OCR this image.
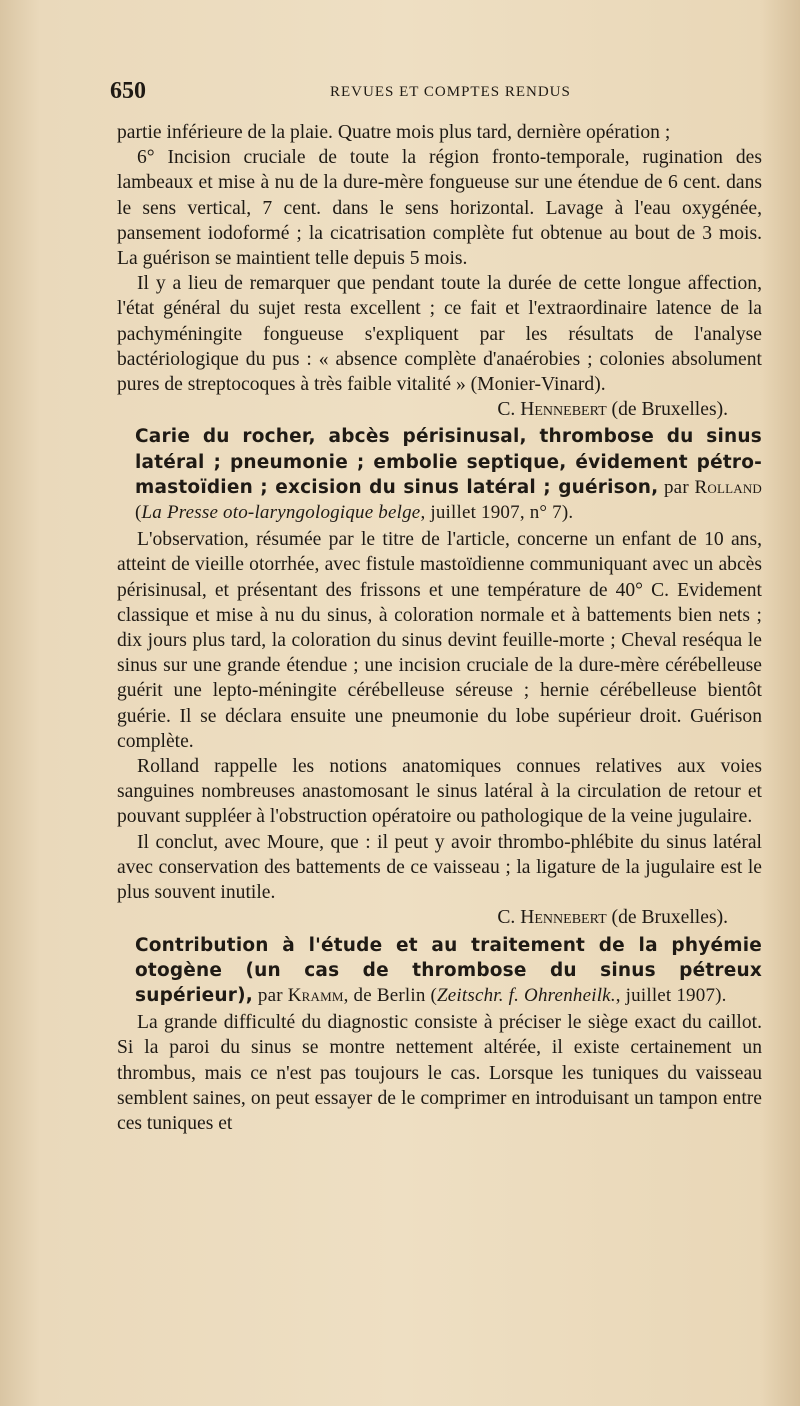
650	REVUES ET COMPTES RENDUS

partie inférieure de la plaie. Quatre mois plus tard, dernière opération ;

6° Incision cruciale de toute la région fronto-temporale, rugination des lambeaux et mise à nu de la dure-mère fongueuse sur une étendue de 6 cent. dans le sens vertical, 7 cent. dans le sens horizontal. Lavage à l'eau oxygénée, pansement iodoformé ; la cicatrisation complète fut obtenue au bout de 3 mois. La guérison se maintient telle depuis 5 mois.

Il y a lieu de remarquer que pendant toute la durée de cette longue affection, l'état général du sujet resta excellent ; ce fait et l'extraordinaire latence de la pachyméningite fongueuse s'expliquent par les résultats de l'analyse bactériologique du pus : « absence complète d'anaérobies ; colonies absolument pures de streptocoques à très faible vitalité » (Monier-Vinard).

C. Hennebert (de Bruxelles).

Carie du rocher, abcès périsinusal, thrombose du sinus latéral ; pneumonie ; embolie septique, évidement pétro-mastoïdien ; excision du sinus latéral ; guérison, par Rolland (La Presse oto-laryngologique belge, juillet 1907, n° 7).

L'observation, résumée par le titre de l'article, concerne un enfant de 10 ans, atteint de vieille otorrhée, avec fistule mastoïdienne communiquant avec un abcès périsinusal, et présentant des frissons et une température de 40° C. Evidement classique et mise à nu du sinus, à coloration normale et à battements bien nets ; dix jours plus tard, la coloration du sinus devint feuille-morte ; Cheval reséqua le sinus sur une grande étendue ; une incision cruciale de la dure-mère cérébelleuse guérit une lepto-méningite cérébelleuse séreuse ; hernie cérébelleuse bientôt guérie. Il se déclara ensuite une pneumonie du lobe supérieur droit. Guérison complète.

Rolland rappelle les notions anatomiques connues relatives aux voies sanguines nombreuses anastomosant le sinus latéral à la circulation de retour et pouvant suppléer à l'obstruction opératoire ou pathologique de la veine jugulaire.

Il conclut, avec Moure, que : il peut y avoir thrombo-phlébite du sinus latéral avec conservation des battements de ce vaisseau ; la ligature de la jugulaire est le plus souvent inutile.

C. Hennebert (de Bruxelles).

Contribution à l'étude et au traitement de la phyémie otogène (un cas de thrombose du sinus pétreux supérieur), par Kramm, de Berlin (Zeitschr. f. Ohrenheilk., juillet 1907).

La grande difficulté du diagnostic consiste à préciser le siège exact du caillot. Si la paroi du sinus se montre nettement altérée, il existe certainement un thrombus, mais ce n'est pas toujours le cas. Lorsque les tuniques du vaisseau semblent saines, on peut essayer de le comprimer en introduisant un tampon entre ces tuniques et
